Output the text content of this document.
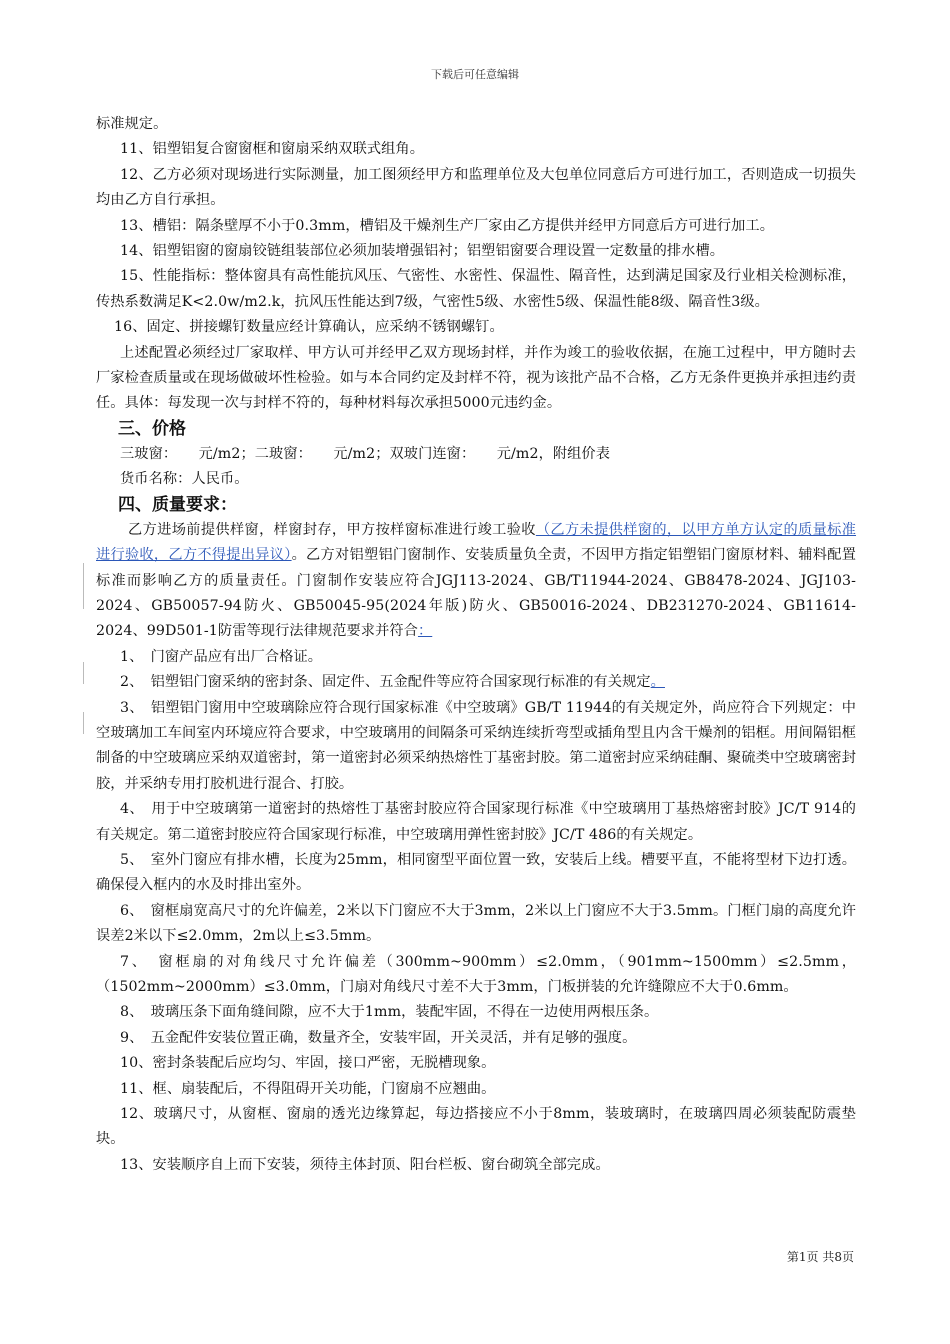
下载后可任意编辑

标准规定。

11、铝塑铝复合窗窗框和窗扇采纳双联式组角。

12、乙方必须对现场进行实际测量，加工图须经甲方和监理单位及大包单位同意后方可进行加工，否则造成一切损失均由乙方自行承担。

13、槽铝：隔条壁厚不小于0.3mm，槽铝及干燥剂生产厂家由乙方提供并经甲方同意后方可进行加工。

14、铝塑铝窗的窗扇铰链组装部位必须加装增强铝衬；铝塑铝窗要合理设置一定数量的排水槽。

15、性能指标：整体窗具有高性能抗风压、气密性、水密性、保温性、隔音性，达到满足国家及行业相关检测标准，传热系数满足K<2.0w/m2.k，抗风压性能达到7级，气密性5级、水密性5级、保温性能8级、隔音性3级。

16、固定、拼接螺钉数量应经计算确认，应采纳不锈钢螺钉。

上述配置必须经过厂家取样、甲方认可并经甲乙双方现场封样，并作为竣工的验收依据，在施工过程中，甲方随时去厂家检查质量或在现场做破坏性检验。如与本合同约定及封样不符，视为该批产品不合格，乙方无条件更换并承担违约责任。具体：每发现一次与封样不符的，每种材料每次承担5000元违约金。

三、价格

三玻窗：　　元/m2；二玻窗：　　元/m2；双玻门连窗：　　元/m2，附组价表

货币名称：人民币。

四、质量要求：

乙方进场前提供样窗，样窗封存，甲方按样窗标准进行竣工验收（乙方未提供样窗的，以甲方单方认定的质量标准进行验收，乙方不得提出异议）。乙方对铝塑铝门窗制作、安装质量负全责，不因甲方指定铝塑铝门窗原材料、辅料配置标准而影响乙方的质量责任。门窗制作安装应符合JGJ113-2024、GB/T11944-2024、GB8478-2024、JGJ103-2024、GB50057-94防火、GB50045-95(2024年版)防火、GB50016-2024、DB231270-2024、GB11614-2024、99D501-1防雷等现行法律规范要求并符合：

1、　门窗产品应有出厂合格证。

2、　铝塑铝门窗采纳的密封条、固定件、五金配件等应符合国家现行标准的有关规定。

3、　铝塑铝门窗用中空玻璃除应符合现行国家标准《中空玻璃》GB/T 11944的有关规定外，尚应符合下列规定：中空玻璃加工车间室内环境应符合要求，中空玻璃用的间隔条可采纳连续折弯型或插角型且内含干燥剂的铝框。用间隔铝框制备的中空玻璃应采纳双道密封，第一道密封必须采纳热熔性丁基密封胶。第二道密封应采纳硅酮、聚硫类中空玻璃密封胶，并采纳专用打胶机进行混合、打胶。

4、　用于中空玻璃第一道密封的热熔性丁基密封胶应符合国家现行标准《中空玻璃用丁基热熔密封胶》JC/T 914的有关规定。第二道密封胶应符合国家现行标准，中空玻璃用弹性密封胶》JC/T 486的有关规定。

5、　室外门窗应有排水槽，长度为25mm，相同窗型平面位置一致，安装后上线。槽要平直，不能将型材下边打透。确保侵入框内的水及时排出室外。

6、　窗框扇宽高尺寸的允许偏差，2米以下门窗应不大于3mm，2米以上门窗应不大于3.5mm。门框门扇的高度允许误差2米以下≤2.0mm，2m以上≤3.5mm。

7、　窗框扇的对角线尺寸允许偏差（300mm~900mm）≤2.0mm，（901mm~1500mm）≤2.5mm，（1502mm~2000mm）≤3.0mm，门扇对角线尺寸差不大于3mm，门板拼装的允许缝隙应不大于0.6mm。

8、　玻璃压条下面角缝间隙，应不大于1mm，装配牢固，不得在一边使用两根压条。

9、　五金配件安装位置正确，数量齐全，安装牢固，开关灵活，并有足够的强度。

10、密封条装配后应均匀、牢固，接口严密，无脱槽现象。

11、框、扇装配后，不得阻碍开关功能，门窗扇不应翘曲。

12、玻璃尺寸，从窗框、窗扇的透光边缘算起，每边搭接应不小于8mm，装玻璃时，在玻璃四周必须装配防震垫块。

13、安装顺序自上而下安装，须待主体封顶、阳台栏板、窗台砌筑全部完成。

第1页 共8页
